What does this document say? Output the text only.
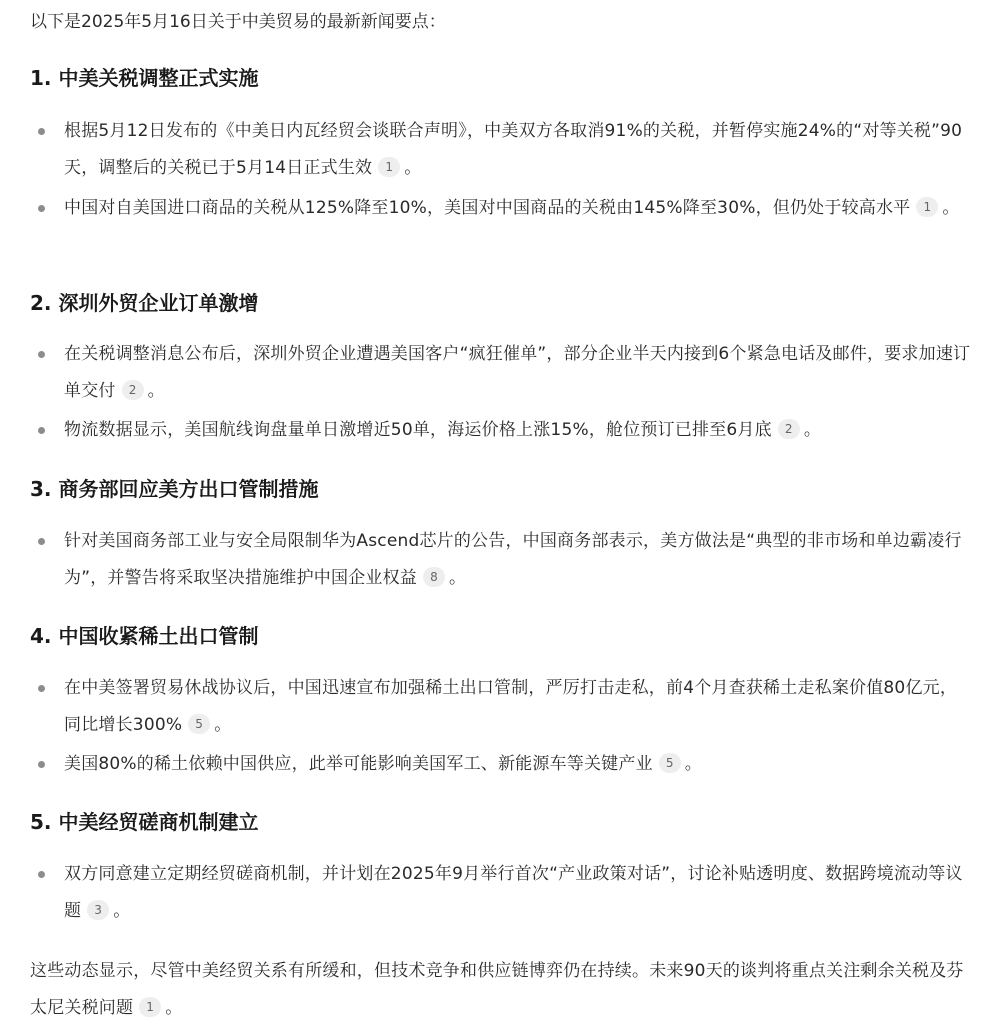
以下是2025年5月16日关于中美贸易的最新新闻要点：
1. 中美关税调整正式实施
根据5月12日发布的《中美日内瓦经贸会谈联合声明》，中美双方各取消91%的关税，并暂停实施24%的“对等关税”90天，调整后的关税已于5月14日正式生效 1 。
中国对自美国进口商品的关税从125%降至10%，美国对中国商品的关税由145%降至30%，但仍处于较高水平 1 。
2. 深圳外贸企业订单激增
在关税调整消息公布后，深圳外贸企业遭遇美国客户“疯狂催单”，部分企业半天内接到6个紧急电话及邮件，要求加速订单交付 2 。
物流数据显示，美国航线询盘量单日激增近50单，海运价格上涨15%，舱位预订已排至6月底 2 。
3. 商务部回应美方出口管制措施
针对美国商务部工业与安全局限制华为Ascend芯片的公告，中国商务部表示，美方做法是“典型的非市场和单边霸凌行为”，并警告将采取坚决措施维护中国企业权益 8 。
4. 中国收紧稀土出口管制
在中美签署贸易休战协议后，中国迅速宣布加强稀土出口管制，严厉打击走私，前4个月查获稀土走私案价值80亿元，同比增长300% 5 。
美国80%的稀土依赖中国供应，此举可能影响美国军工、新能源车等关键产业 5 。
5. 中美经贸磋商机制建立
双方同意建立定期经贸磋商机制，并计划在2025年9月举行首次“产业政策对话”，讨论补贴透明度、数据跨境流动等议题 3 。
这些动态显示，尽管中美经贸关系有所缓和，但技术竞争和供应链博弈仍在持续。未来90天的谈判将重点关注剩余关税及芬太尼关税问题 1 。
